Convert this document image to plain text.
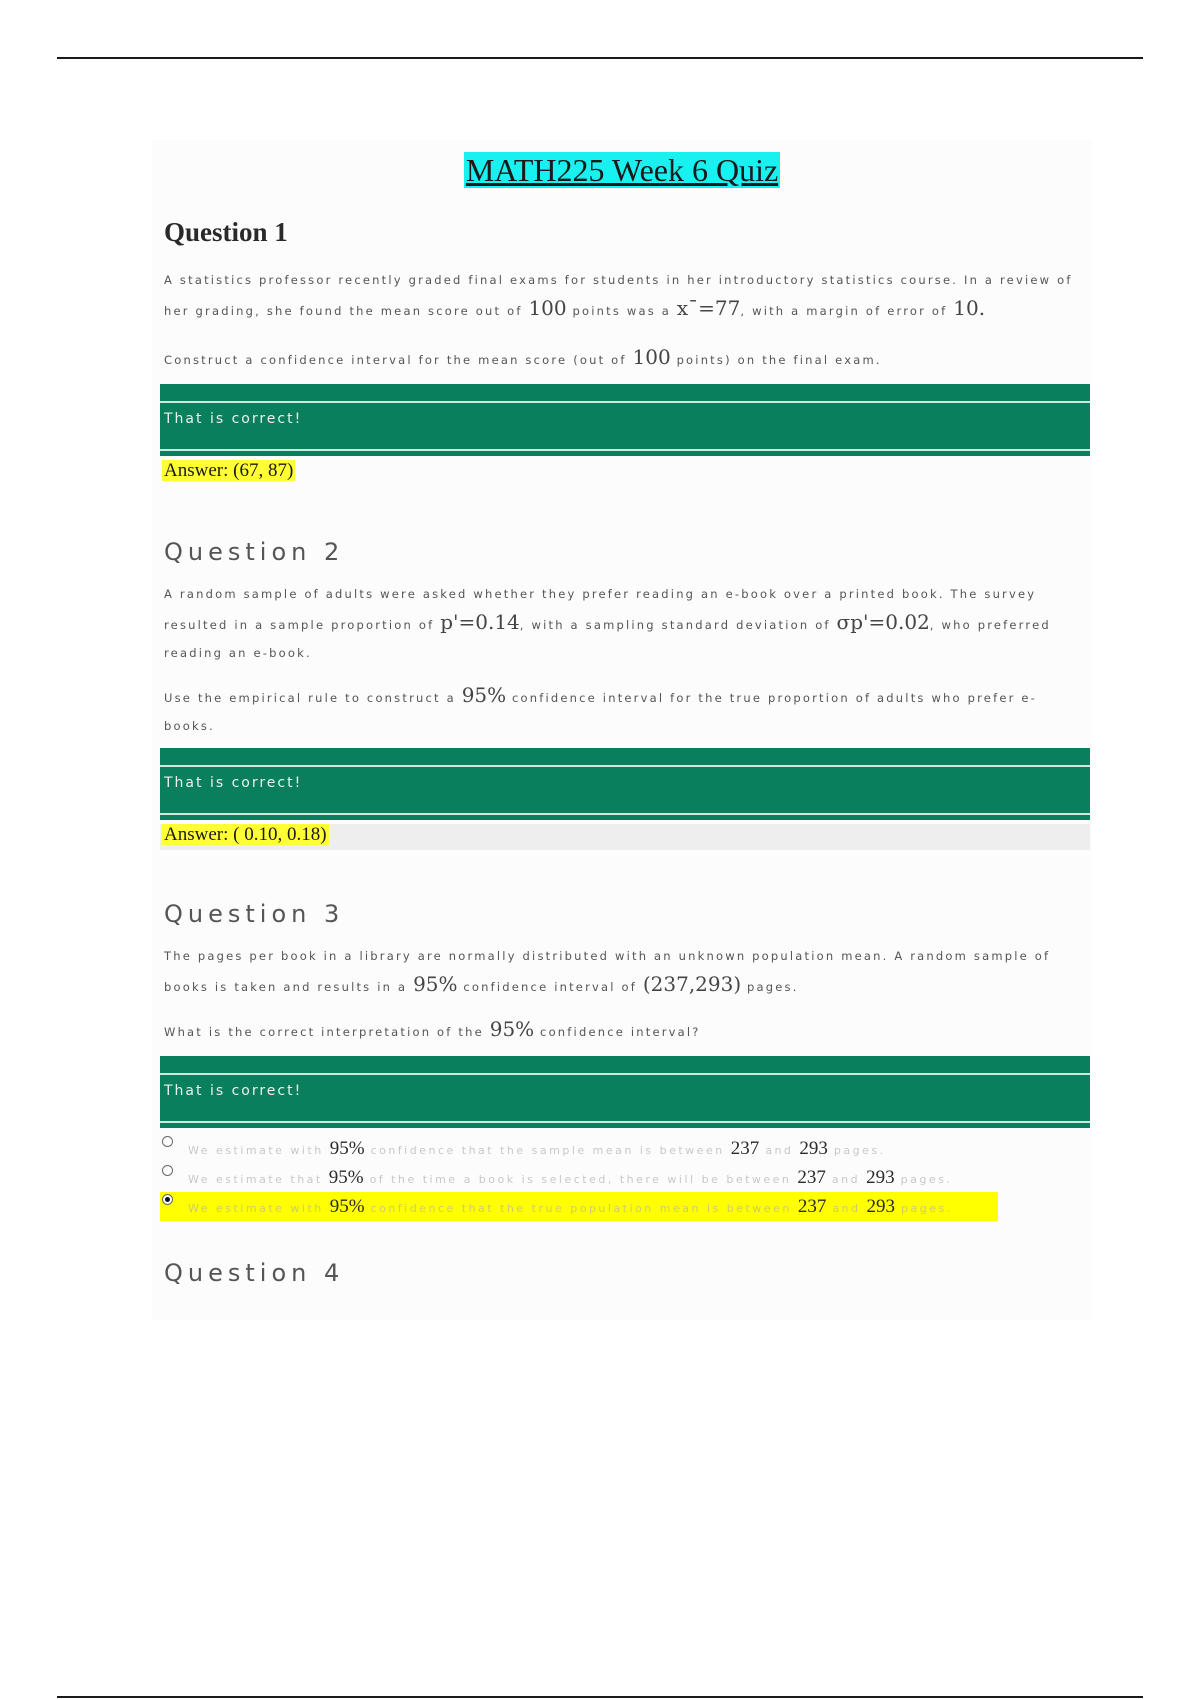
MATH225 Week 6 Quiz
Question 1

A statistics professor recently graded final exams for students in her introductory statistics course. In a review of her grading, she found the mean score out of 100 points was a x¯=77, with a margin of error of 10.

Construct a confidence interval for the mean score (out of 100 points) on the final exam.

That is correct!
Answer: (67, 87)
Question 2

A random sample of adults were asked whether they prefer reading an e-book over a printed book. The survey resulted in a sample proportion of p'=0.14, with a sampling standard deviation of σp'=0.02, who preferred reading an e-book.

Use the empirical rule to construct a 95% confidence interval for the true proportion of adults who prefer e-books.

That is correct!
Answer: ( 0.10, 0.18)
Question 3

The pages per book in a library are normally distributed with an unknown population mean. A random sample of books is taken and results in a 95% confidence interval of (237,293) pages.

What is the correct interpretation of the 95% confidence interval?

That is correct!
We estimate with 95% confidence that the sample mean is between 237 and 293 pages.
We estimate that 95% of the time a book is selected, there will be between 237 and 293 pages.
We estimate with 95% confidence that the true population mean is between 237 and 293 pages.
Question 4
